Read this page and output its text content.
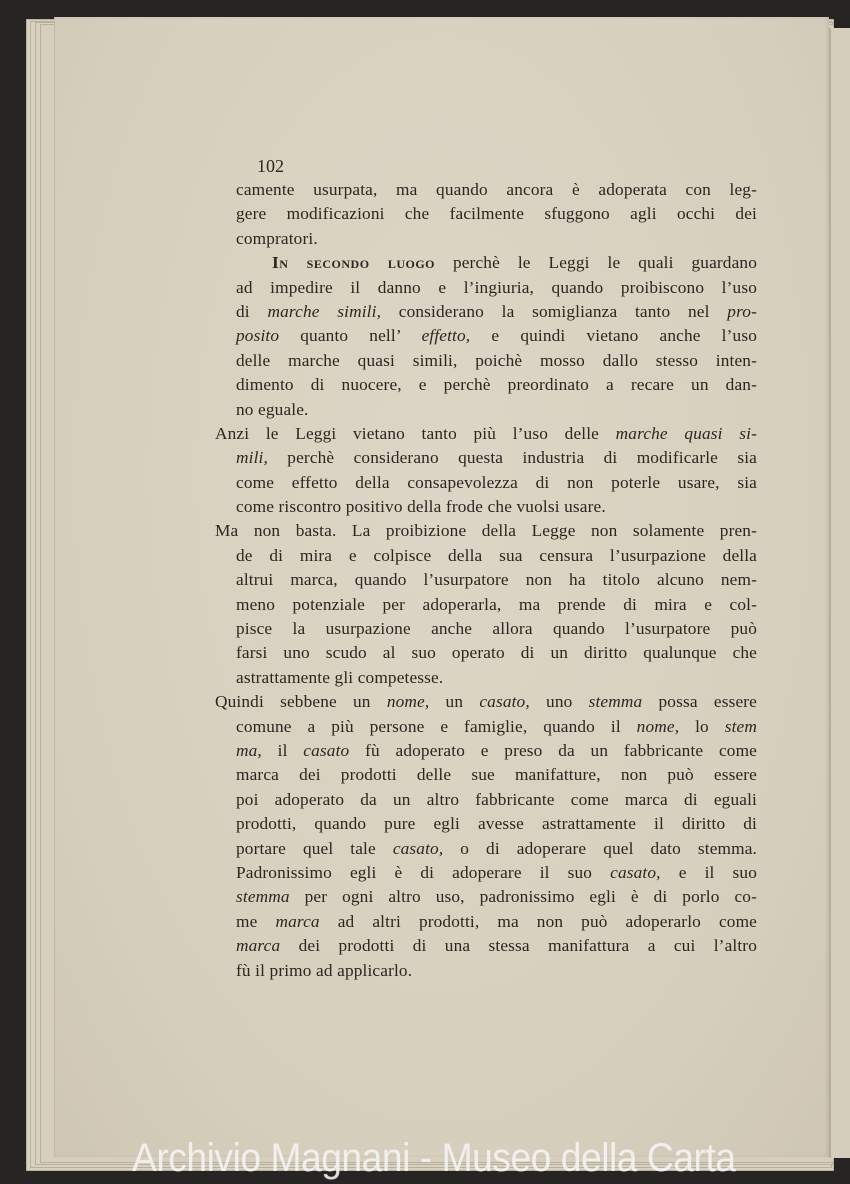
102
camente usurpata, ma quando ancora è adoperata con leg-
gere modificazioni che facilmente sfuggono agli occhi dei
compratori.
In secondo luogo perchè le Leggi le quali guardano
ad impedire il danno e l’ingiuria, quando proibiscono l’uso
di marche simili, considerano la somiglianza tanto nel pro-
posito quanto nell’ effetto, e quindi vietano anche l’uso
delle marche quasi simili, poichè mosso dallo stesso inten-
dimento di nuocere, e perchè preordinato a recare un dan-
no eguale.
Anzi le Leggi vietano tanto più l’uso delle marche quasi si-
mili, perchè considerano questa industria di modificarle sia
come effetto della consapevolezza di non poterle usare, sia
come riscontro positivo della frode che vuolsi usare.
Ma non basta. La proibizione della Legge non solamente pren-
de di mira e colpisce della sua censura l’usurpazione della
altrui marca, quando l’usurpatore non ha titolo alcuno nem-
meno potenziale per adoperarla, ma prende di mira e col-
pisce la usurpazione anche allora quando l’usurpatore può
farsi uno scudo al suo operato di un diritto qualunque che
astrattamente gli competesse.
Quindi sebbene un nome, un casato, uno stemma possa essere
comune a più persone e famiglie, quando il nome, lo stem
ma, il casato fù adoperato e preso da un fabbricante come
marca dei prodotti delle sue manifatture, non può essere
poi adoperato da un altro fabbricante come marca di eguali
prodotti, quando pure egli avesse astrattamente il diritto di
portare quel tale casato, o di adoperare quel dato stemma.
Padronissimo egli è di adoperare il suo casato, e il suo
stemma per ogni altro uso, padronissimo egli è di porlo co-
me marca ad altri prodotti, ma non può adoperarlo come
marca dei prodotti di una stessa manifattura a cui l’altro
fù il primo ad applicarlo.
Archivio Magnani - Museo della Carta
